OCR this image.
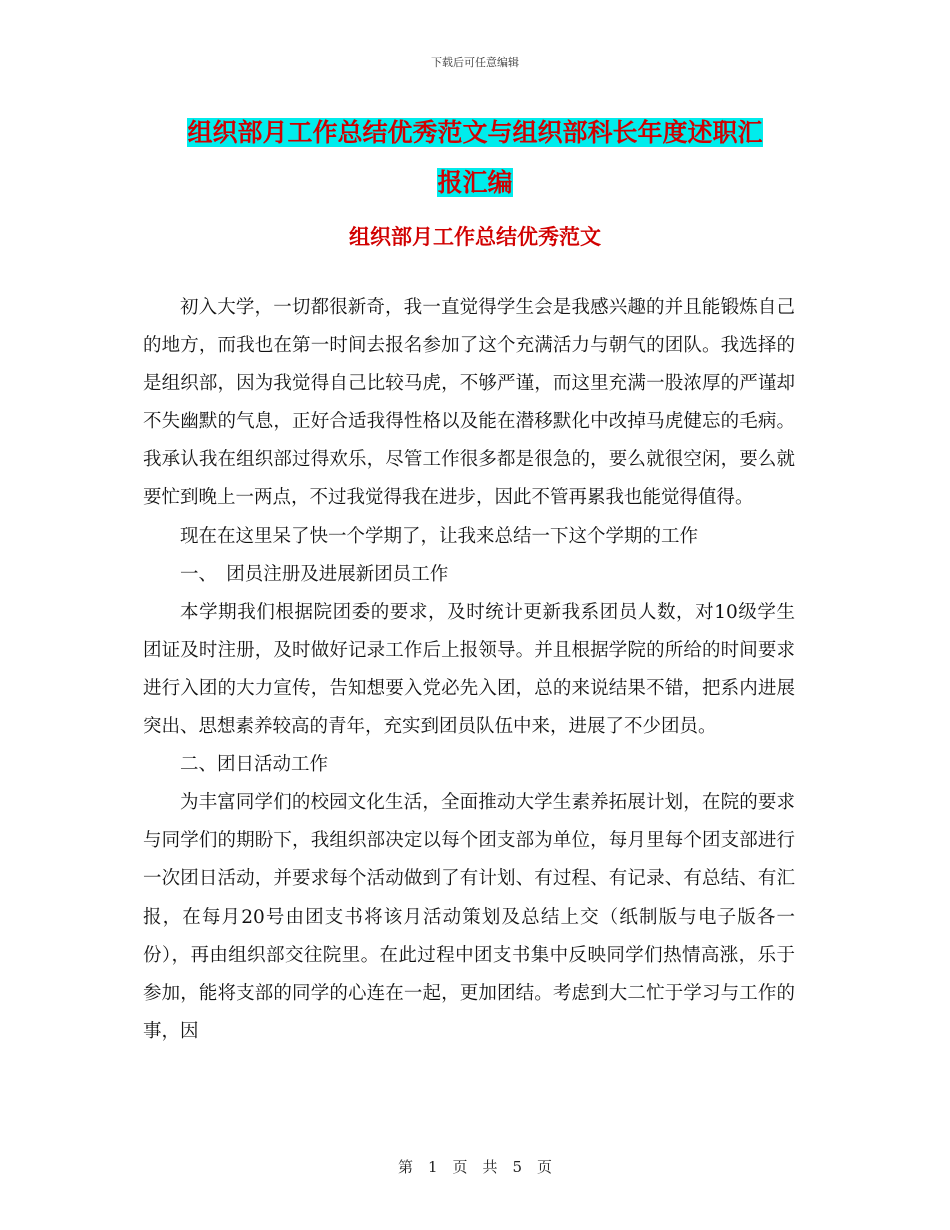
下载后可任意编辑
组织部月工作总结优秀范文与组织部科长年度述职汇
报汇编
组织部月工作总结优秀范文

初入大学，一切都很新奇，我一直觉得学生会是我感兴趣的并且能锻炼自己的地方，而我也在第一时间去报名参加了这个充满活力与朝气的团队。我选择的是组织部，因为我觉得自己比较马虎，不够严谨，而这里充满一股浓厚的严谨却不失幽默的气息，正好合适我得性格以及能在潜移默化中改掉马虎健忘的毛病。我承认我在组织部过得欢乐，尽管工作很多都是很急的，要么就很空闲，要么就要忙到晚上一两点，不过我觉得我在进步，因此不管再累我也能觉得值得。

现在在这里呆了快一个学期了，让我来总结一下这个学期的工作

一、　团员注册及进展新团员工作

本学期我们根据院团委的要求，及时统计更新我系团员人数，对10级学生团证及时注册，及时做好记录工作后上报领导。并且根据学院的所给的时间要求进行入团的大力宣传，告知想要入党必先入团，总的来说结果不错，把系内进展突出、思想素养较高的青年，充实到团员队伍中来，进展了不少团员。

二、团日活动工作

为丰富同学们的校园文化生活，全面推动大学生素养拓展计划，在院的要求与同学们的期盼下，我组织部决定以每个团支部为单位，每月里每个团支部进行一次团日活动，并要求每个活动做到了有计划、有过程、有记录、有总结、有汇报，在每月20号由团支书将该月活动策划及总结上交（纸制版与电子版各一份），再由组织部交往院里。在此过程中团支书集中反映同学们热情高涨，乐于参加，能将支部的同学的心连在一起，更加团结。考虑到大二忙于学习与工作的事，因

第　1　页　共　5　页
